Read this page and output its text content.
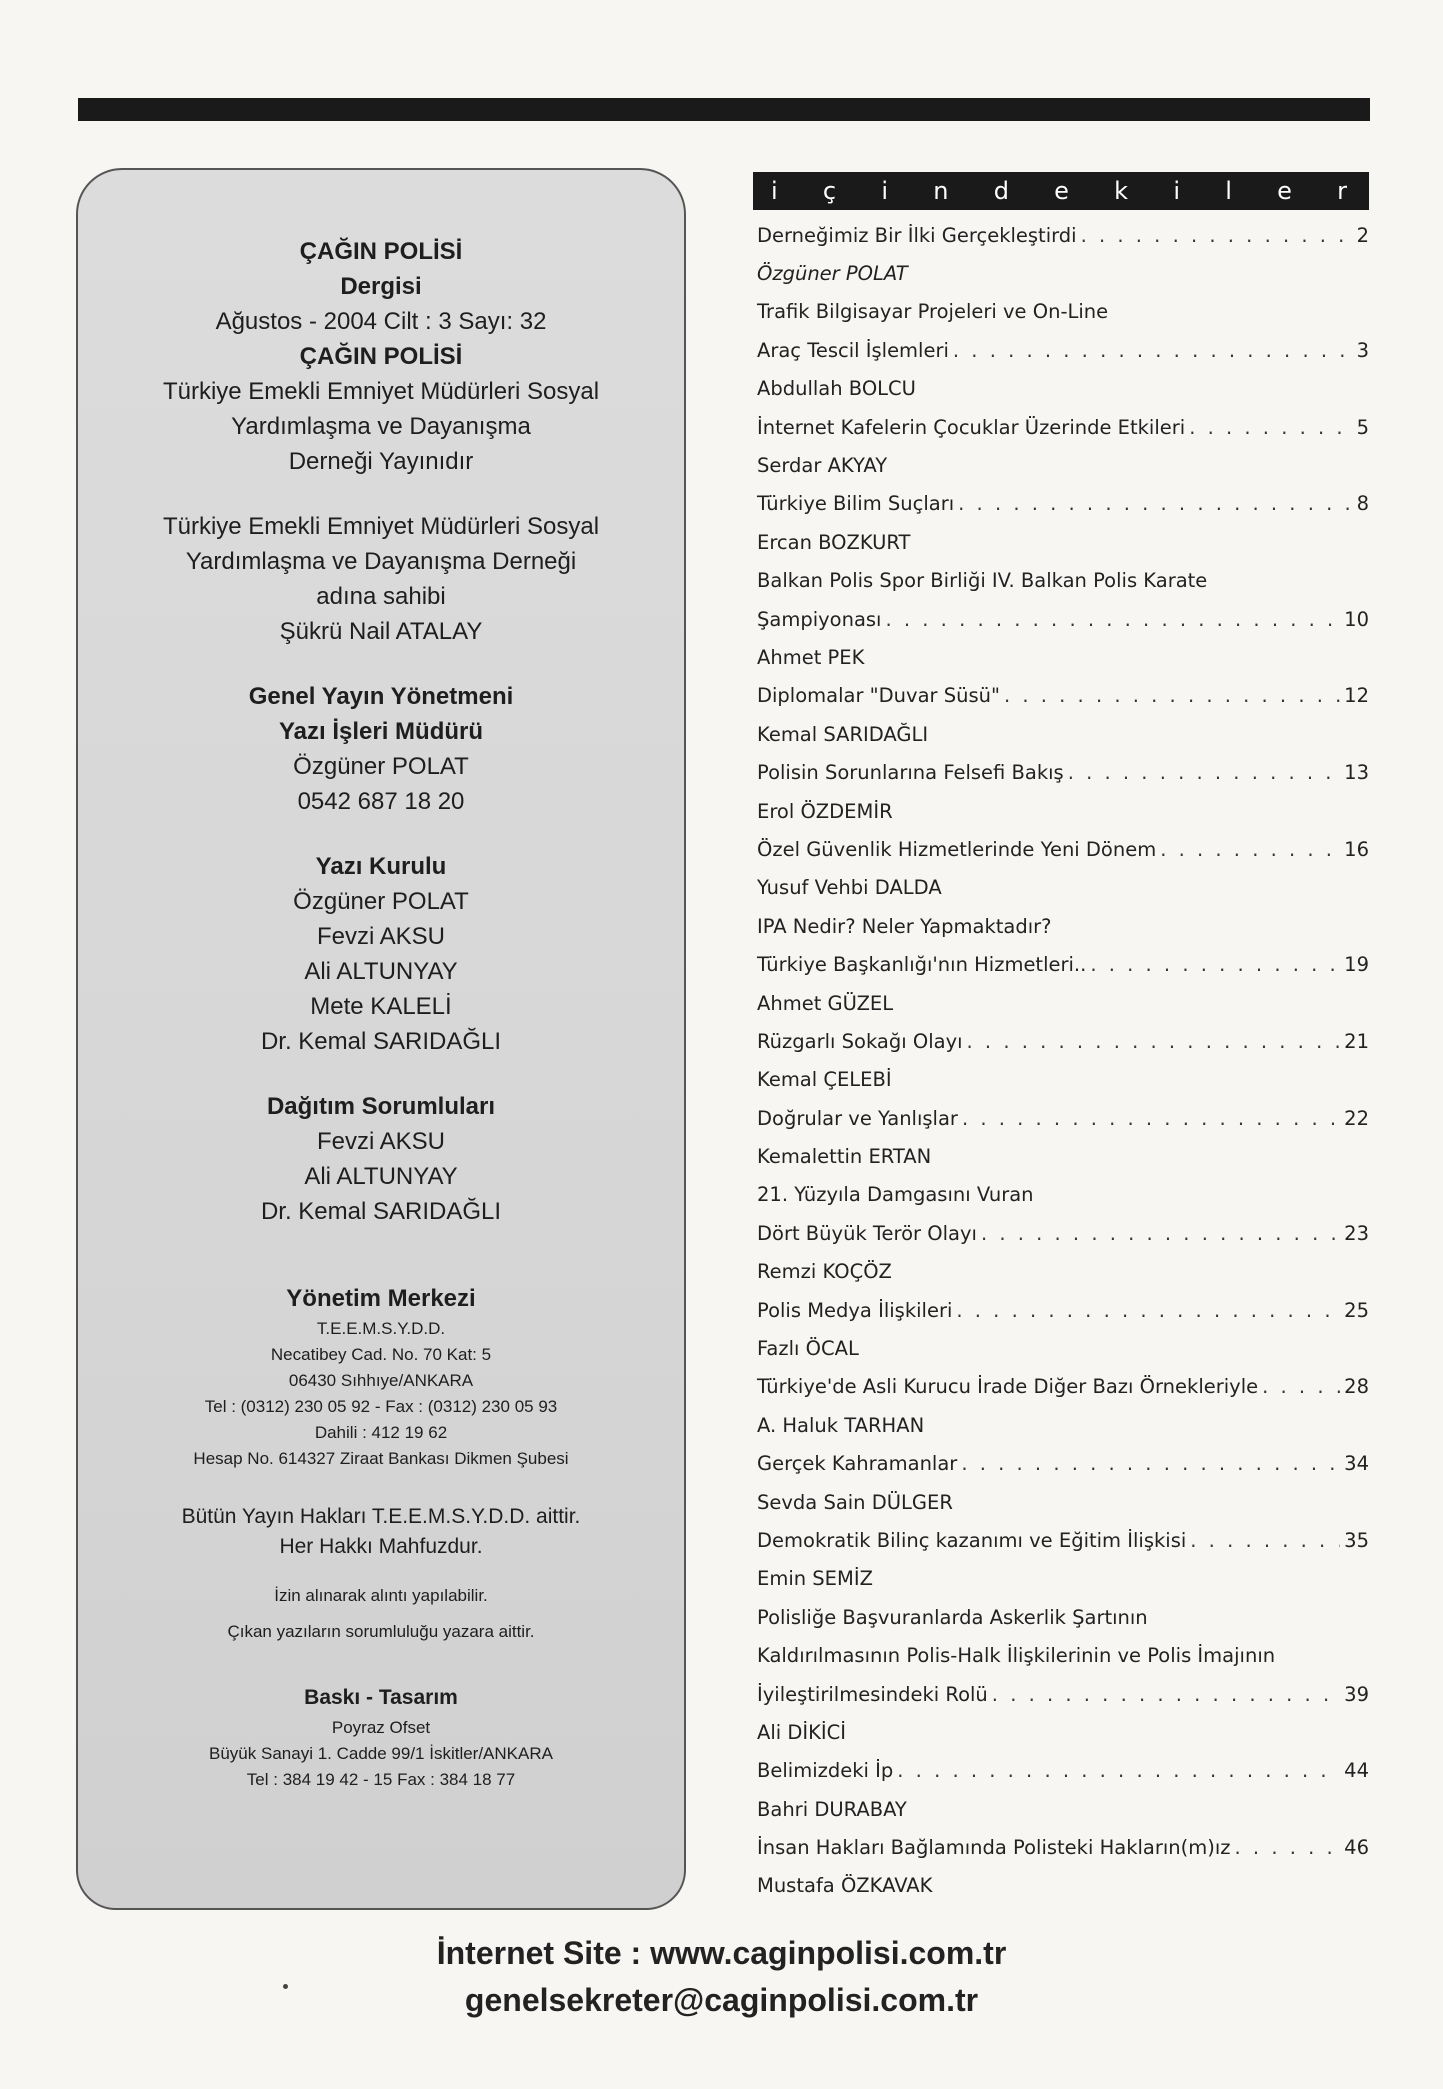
ÇAĞIN POLİSİ

Dergisi

Ağustos - 2004 Cilt : 3 Sayı: 32

ÇAĞIN POLİSİ

Türkiye Emekli Emniyet Müdürleri Sosyal

Yardımlaşma ve Dayanışma

Derneği Yayınıdır

Türkiye Emekli Emniyet Müdürleri Sosyal

Yardımlaşma ve Dayanışma Derneği

adına sahibi

Şükrü Nail ATALAY

Genel Yayın Yönetmeni

Yazı İşleri Müdürü

Özgüner POLAT

0542 687 18 20

Yazı Kurulu

Özgüner POLAT

Fevzi AKSU

Ali ALTUNYAY

Mete KALELİ

Dr. Kemal SARIDAĞLI

Dağıtım Sorumluları

Fevzi AKSU

Ali ALTUNYAY

Dr. Kemal SARIDAĞLI

Yönetim Merkezi

T.E.E.M.S.Y.D.D.

Necatibey Cad. No. 70 Kat: 5

06430 Sıhhıye/ANKARA

Tel : (0312) 230 05 92 - Fax : (0312) 230 05 93

Dahili : 412 19 62

Hesap No. 614327 Ziraat Bankası Dikmen Şubesi

Bütün Yayın Hakları T.E.E.M.S.Y.D.D. aittir.

Her Hakkı Mahfuzdur.

İzin alınarak alıntı yapılabilir.

Çıkan yazıların sorumluluğu yazara aittir.

Baskı - Tasarım

Poyraz Ofset

Büyük Sanayi 1. Cadde 99/1 İskitler/ANKARA

Tel : 384 19 42 - 15 Fax : 384 18 77

i ç i n d e k i l e r
Derneğimiz Bir İlki Gerçekleştirdi . . .	2
Özgüner POLAT
Trafik Bilgisayar Projeleri ve On-Line
Araç Tescil İşlemleri . . .	3
Abdullah BOLCU
İnternet Kafelerin Çocuklar Üzerinde Etkileri . . .	5
Serdar AKYAY
Türkiye Bilim Suçları . . .	8
Ercan BOZKURT
Balkan Polis Spor Birliği IV. Balkan Polis Karate
Şampiyonası . . .	10
Ahmet PEK
Diplomalar "Duvar Süsü" . . .	12
Kemal SARIDAĞLI
Polisin Sorunlarına Felsefi Bakış . . .	13
Erol ÖZDEMİR
Özel Güvenlik Hizmetlerinde Yeni Dönem . . .	16
Yusuf Vehbi DALDA
IPA Nedir? Neler Yapmaktadır?
Türkiye Başkanlığı'nın Hizmetleri.. . . .	19
Ahmet GÜZEL
Rüzgarlı Sokağı Olayı . . .	21
Kemal ÇELEBİ
Doğrular ve Yanlışlar . . .	22
Kemalettin ERTAN
21. Yüzyıla Damgasını Vuran
Dört Büyük Terör Olayı . . .	23
Remzi KOÇÖZ
Polis Medya İlişkileri . . .	25
Fazlı ÖCAL
Türkiye'de Asli Kurucu İrade Diğer Bazı Örnekleriyle . . .	28
A. Haluk TARHAN
Gerçek Kahramanlar . . .	34
Sevda Sain DÜLGER
Demokratik Bilinç kazanımı ve Eğitim İlişkisi . . .	35
Emin SEMİZ
Polisliğe Başvuranlarda Askerlik Şartının
Kaldırılmasının Polis-Halk İlişkilerinin ve Polis İmajının
İyileştirilmesindeki Rolü . . .	39
Ali DİKİCİ
Belimizdeki İp . . .	44
Bahri DURABAY
İnsan Hakları Bağlamında Polisteki Hakların(m)ız . . .	46
Mustafa ÖZKAVAK
İnternet Site : www.caginpolisi.com.tr
genelsekreter@caginpolisi.com.tr
